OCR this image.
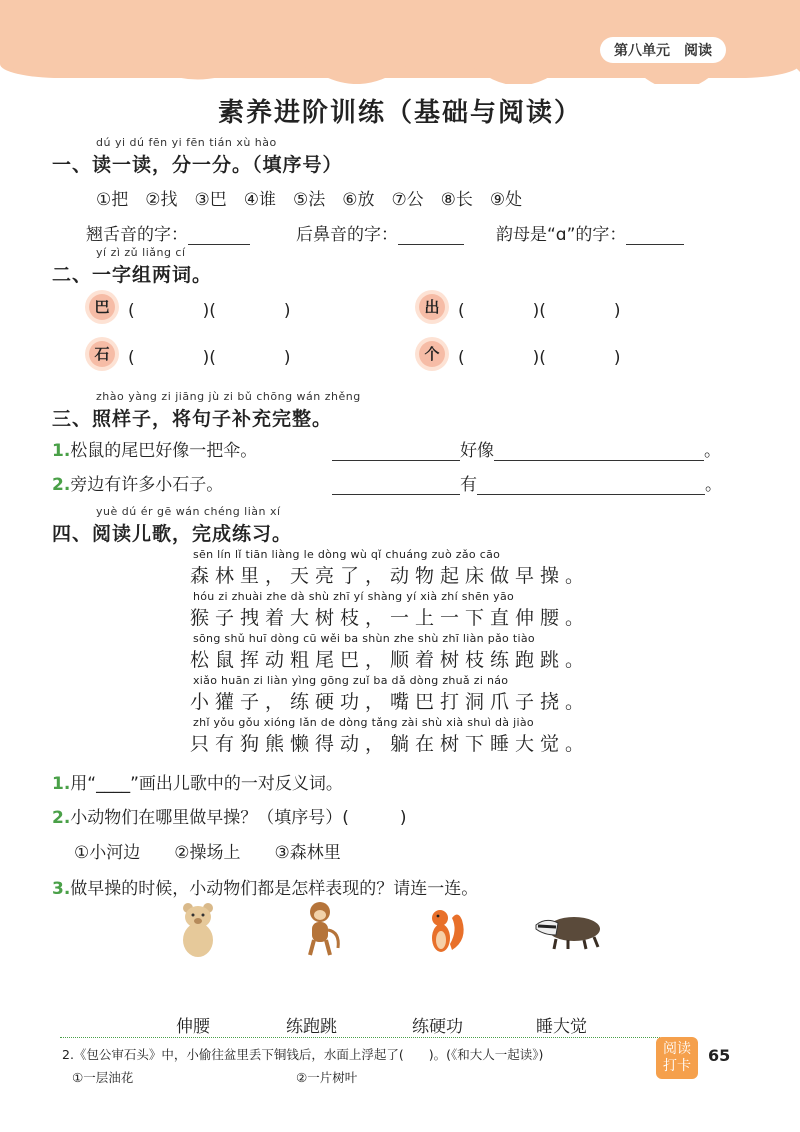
第八单元　阅读
素养进阶训练（基础与阅读）
dú yi dú fēn yi fēn tián xù hào
一、读一读，分一分。（填序号）
①把　②找　③巴　④谁　⑤法　⑥放　⑦公　⑧长　⑨处
翘舌音的字：	后鼻音的字：	韵母是“ɑ”的字：
yí zì zǔ liǎng cí
二、一字组两词。
巴	(　　　　)(　　　　)	出	(　　　　)(　　　　)
石	(　　　　)(　　　　)	个	(　　　　)(　　　　)
zhào yàng zi jiāng jù zi bǔ chōng wán zhěng
三、照样子，将句子补充完整。
1.松鼠的尾巴好像一把伞。	好像	。
2.旁边有许多小石子。	有	。
yuè dú ér gē wán chéng liàn xí
四、阅读儿歌，完成练习。
sēn lín lǐ tiān liàng le dòng wù qǐ chuáng zuò zǎo cāo
森林里，天亮了，动物起床做早操。
hóu zi zhuài zhe dà shù zhī yí shàng yí xià zhí shēn yāo
猴子拽着大树枝，一上一下直伸腰。
sōng shǔ huī dòng cū wěi ba shùn zhe shù zhī liàn pǎo tiào
松鼠挥动粗尾巴，顺着树枝练跑跳。
xiǎo huān zi liàn yìng gōng zuǐ ba dǎ dòng zhuǎ zi náo
小獾子，练硬功，嘴巴打洞爪子挠。
zhǐ yǒu gǒu xióng lǎn de dòng tǎng zài shù xià shuì dà jiào
只有狗熊懒得动，躺在树下睡大觉。
1.用“____”画出儿歌中的一对反义词。
2.小动物们在哪里做早操？（填序号）(　　　)
①小河边　　②操场上　　③森林里
3.做早操的时候，小动物们都是怎样表现的？请连一连。
伸腰	练跑跳	练硬功	睡大觉
2.《包公审石头》中，小偷往盆里丢下铜钱后，水面上浮起了(　　)。(《和大人一起读》)
①一层油花	②一片树叶
阅读
打卡
65
